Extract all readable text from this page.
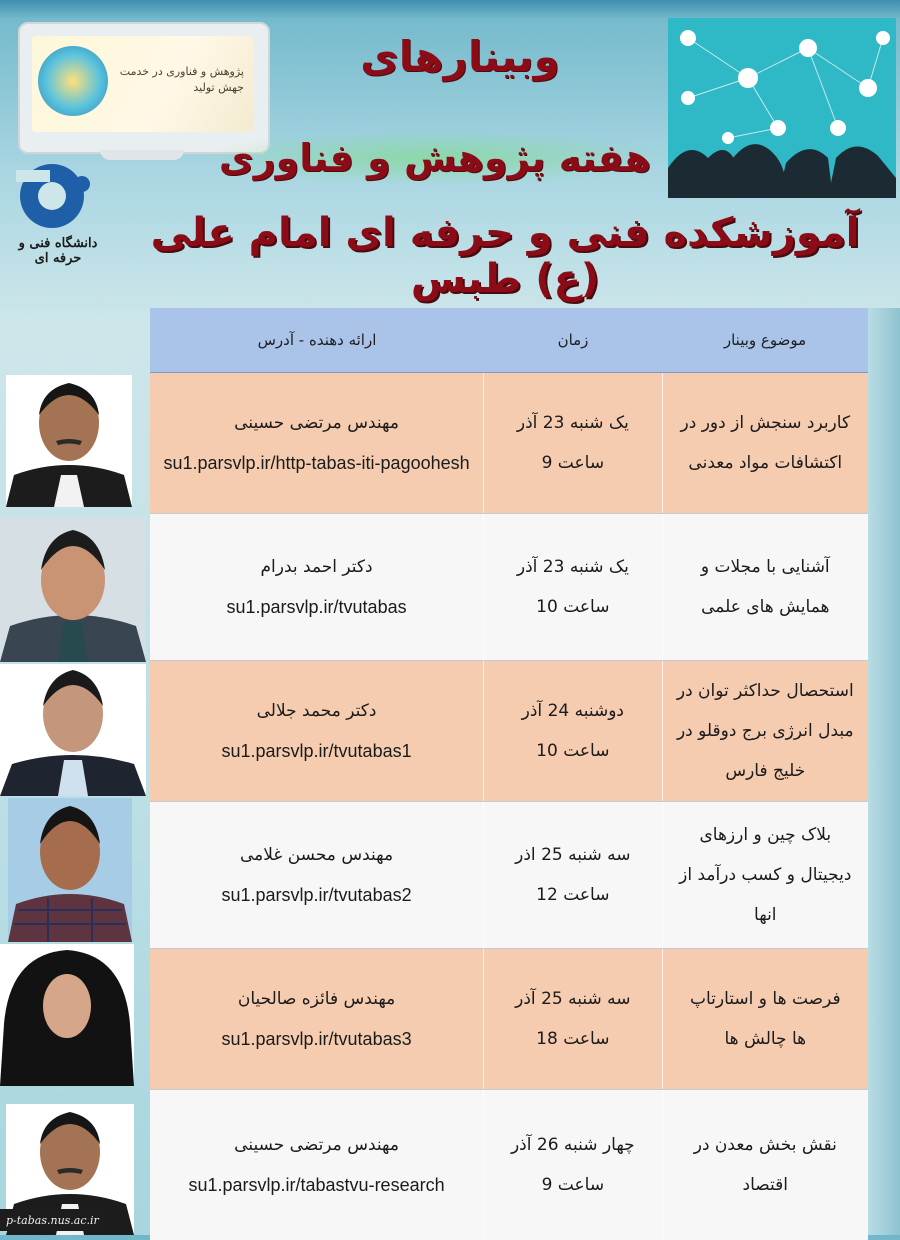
پژوهش و فناوری در خدمت جهش تولید
دانشگاه فنی و حرفه ای
وبینارهای
هفته پژوهش و فناوری
آموزشکده فنی و حرفه ای امام علی (ع) طبس
موضوع وبینار
زمان
ارائه دهنده - آدرس
کاربرد سنجش از دور در اکتشافات مواد معدنی
یک شنبه 23 آذر
ساعت 9
مهندس مرتضی حسینی
su1.parsvlp.ir/http-tabas-iti-pagoohesh
آشنایی با مجلات و همایش های علمی
یک شنبه 23 آذر
ساعت 10
دکتر احمد بدرام
su1.parsvlp.ir/tvutabas
استحصال حداکثر توان در مبدل انرژی برج دوقلو در خلیج فارس
دوشنبه 24 آذر
ساعت 10
دکتر محمد جلالی
su1.parsvlp.ir/tvutabas1
بلاک چین و ارزهای دیجیتال و کسب درآمد از انها
سه شنبه 25 اذر
ساعت 12
مهندس محسن غلامی
su1.parsvlp.ir/tvutabas2
فرصت ها و استارتاپ ها چالش ها
سه شنبه 25 آذر
ساعت 18
مهندس فائزه صالحیان
su1.parsvlp.ir/tvutabas3
نقش بخش معدن در اقتصاد
چهار شنبه 26 آذر
ساعت 9
مهندس مرتضی حسینی
su1.parsvlp.ir/tabastvu-research
p-tabas.nus.ac.ir
